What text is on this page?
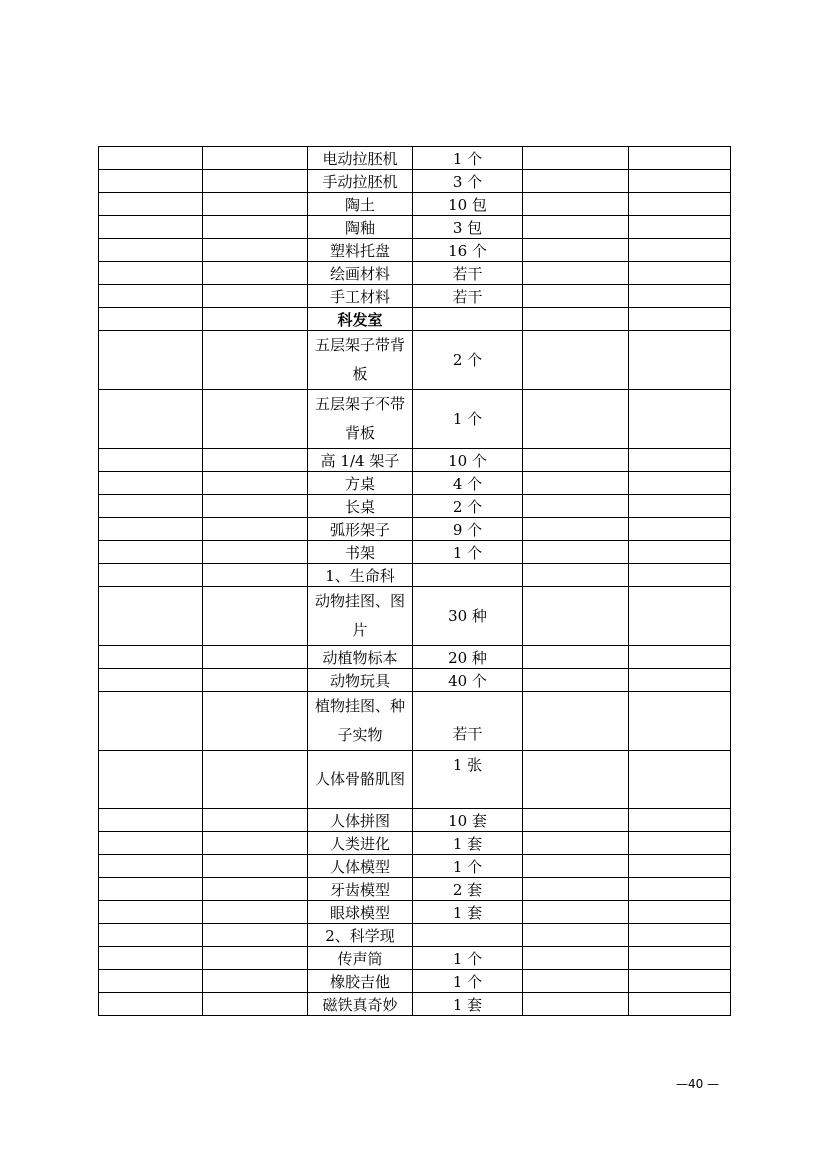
		电动拉胚机	1 个		
		手动拉胚机	3 个		
		陶土	10 包		
		陶釉	3 包		
		塑料托盘	16 个		
		绘画材料	若干		
		手工材料	若干		
		科发室			
		五层架子带背板	2 个		
		五层架子不带背板	1 个		
		高 1/4 架子	10 个		
		方桌	4 个		
		长桌	2 个		
		弧形架子	9 个		
		书架	1 个		
		1、生命科			
		动物挂图、图片	30 种		
		动植物标本	20 种		
		动物玩具	40 个		
		植物挂图、种子实物	若干		
		人体骨骼肌图	1 张		
		人体拼图	10 套		
		人类进化	1 套		
		人体模型	1 个		
		牙齿模型	2 套		
		眼球模型	1 套		
		2、科学现			
		传声筒	1 个		
		橡胶吉他	1 个		
		磁铁真奇妙	1 套		
—40 —
